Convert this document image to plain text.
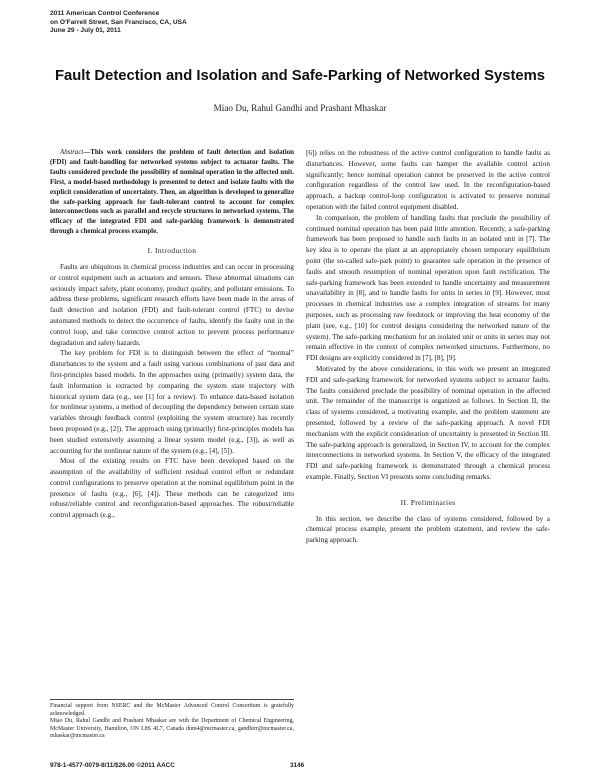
2011 American Control Conference
on O'Farrell Street, San Francisco, CA, USA
June 29 - July 01, 2011
Fault Detection and Isolation and Safe-Parking of Networked Systems
Miao Du, Rahul Gandhi and Prashant Mhaskar

Abstract—This work considers the problem of fault detection and isolation (FDI) and fault-handling for networked systems subject to actuator faults. The faults considered preclude the possibility of nominal operation in the affected unit. First, a model-based methodology is presented to detect and isolate faults with the explicit consideration of uncertainty. Then, an algorithm is developed to generalize the safe-parking approach for fault-tolerant control to account for complex interconnections such as parallel and recycle structures in networked systems. The efficacy of the integrated FDI and safe-parking framework is demonstrated through a chemical process example.

I. Introduction

Faults are ubiquitous in chemical process industries and can occur in processing or control equipment such as actuators and sensors. These abnormal situations can seriously impact safety, plant economy, product quality, and pollutant emissions. To address these problems, significant research efforts have been made in the areas of fault detection and isolation (FDI) and fault-tolerant control (FTC) to devise automated methods to detect the occurrence of faults, identify the faulty unit in the control loop, and take corrective control action to prevent process performance degradation and safety hazards.

The key problem for FDI is to distinguish between the effect of “normal” disturbances to the system and a fault using various combinations of past data and first-principles based models. In the approaches using (primarily) system data, the fault information is extracted by comparing the system state trajectory with historical system data (e.g., see [1] for a review). To enhance data-based isolation for nonlinear systems, a method of decoupling the dependency between certain state variables through feedback control (exploiting the system structure) has recently been proposed (e.g., [2]). The approach using (primarily) first-principles models has been studied extensively assuming a linear system model (e.g., [3]), as well as accounting for the nonlinear nature of the system (e.g., [4], [5]).

Most of the existing results on FTC have been developed based on the assumption of the availability of sufficient residual control effort or redundant control configurations to preserve operation at the nominal equilibrium point in the presence of faults (e.g., [6], [4]). These methods can be categorized into robust/reliable control and reconfiguration-based approaches. The robust/reliable control approach (e.g.,

[6]) relies on the robustness of the active control configuration to handle faults as disturbances. However, some faults can hamper the available control action significantly; hence nominal operation cannot be preserved in the active control configuration regardless of the control law used. In the reconfiguration-based approach, a backup control-loop configuration is activated to preserve nominal operation with the failed control equipment disabled.

In comparison, the problem of handling faults that preclude the possibility of continued nominal operation has been paid little attention. Recently, a safe-parking framework has been proposed to handle such faults in an isolated unit in [7]. The key idea is to operate the plant at an appropriately chosen temporary equilibrium point (the so-called safe-park point) to guarantee safe operation in the presence of faults and smooth resumption of nominal operation upon fault rectification. The safe-parking framework has been extended to handle uncertainty and measurement unavailability in [8], and to handle faults for units in series in [9]. However, most processes in chemical industries use a complex integration of streams for many purposes, such as processing raw feedstock or improving the heat economy of the plant (see, e.g., [10] for control designs considering the networked nature of the system). The safe-parking mechanism for an isolated unit or units in series may not remain effective in the context of complex networked structures. Furthermore, no FDI designs are explicitly considered in [7], [8], [9].

Motivated by the above considerations, in this work we present an integrated FDI and safe-parking framework for networked systems subject to actuator faults. The faults considered preclude the possibility of nominal operation in the affected unit. The remainder of the manuscript is organized as follows. In Section II, the class of systems considered, a motivating example, and the problem statement are presented, followed by a review of the safe-parking approach. A novel FDI mechanism with the explicit consideration of uncertainty is presented in Section III. The safe-parking approach is generalized, in Section IV, to account for the complex interconnections in networked systems. In Section V, the efficacy of the integrated FDI and safe-parking framework is demonstrated through a chemical process example. Finally, Section VI presents some concluding remarks.

II. Preliminaries

In this section, we describe the class of systems considered, followed by a chemical process example, present the problem statement, and review the safe-parking approach.

Financial support from NSERC and the McMaster Advanced Control Consortium is gratefully acknowledged.
Miao Du, Rahul Gandhi and Prashant Mhaskar are with the Department of Chemical Engineering, McMaster University, Hamilton, ON L8S 4L7, Canada dum4@mcmaster.ca, gandhirr@mcmaster.ca, mhaskar@mcmaster.ca
978-1-4577-0079-8/11/$26.00 ©2011 AACC	3146
